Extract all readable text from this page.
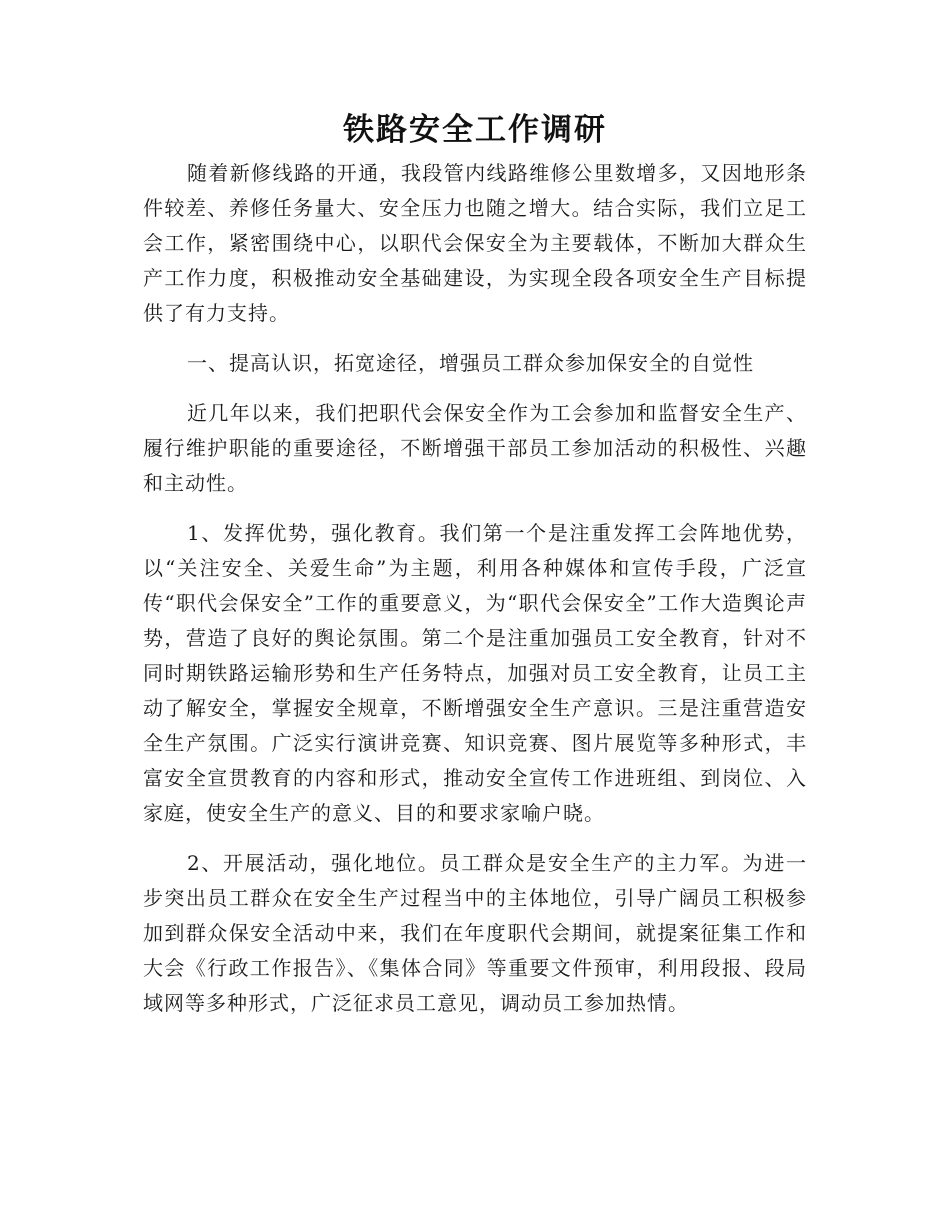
铁路安全工作调研

随着新修线路的开通，我段管内线路维修公里数增多，又因地形条件较差、养修任务量大、安全压力也随之增大。结合实际，我们立足工会工作，紧密围绕中心，以职代会保安全为主要载体，不断加大群众生产工作力度，积极推动安全基础建设，为实现全段各项安全生产目标提供了有力支持。

一、提高认识，拓宽途径，增强员工群众参加保安全的自觉性

近几年以来，我们把职代会保安全作为工会参加和监督安全生产、履行维护职能的重要途径，不断增强干部员工参加活动的积极性、兴趣和主动性。

1、发挥优势，强化教育。我们第一个是注重发挥工会阵地优势，以“关注安全、关爱生命”为主题，利用各种媒体和宣传手段，广泛宣传“职代会保安全”工作的重要意义，为“职代会保安全”工作大造舆论声势，营造了良好的舆论氛围。第二个是注重加强员工安全教育，针对不同时期铁路运输形势和生产任务特点，加强对员工安全教育，让员工主动了解安全，掌握安全规章，不断增强安全生产意识。三是注重营造安全生产氛围。广泛实行演讲竞赛、知识竞赛、图片展览等多种形式，丰富安全宣贯教育的内容和形式，推动安全宣传工作进班组、到岗位、入家庭，使安全生产的意义、目的和要求家喻户晓。

2、开展活动，强化地位。员工群众是安全生产的主力军。为进一步突出员工群众在安全生产过程当中的主体地位，引导广阔员工积极参加到群众保安全活动中来，我们在年度职代会期间，就提案征集工作和大会《行政工作报告》、《集体合同》等重要文件预审，利用段报、段局域网等多种形式，广泛征求员工意见，调动员工参加热情。
